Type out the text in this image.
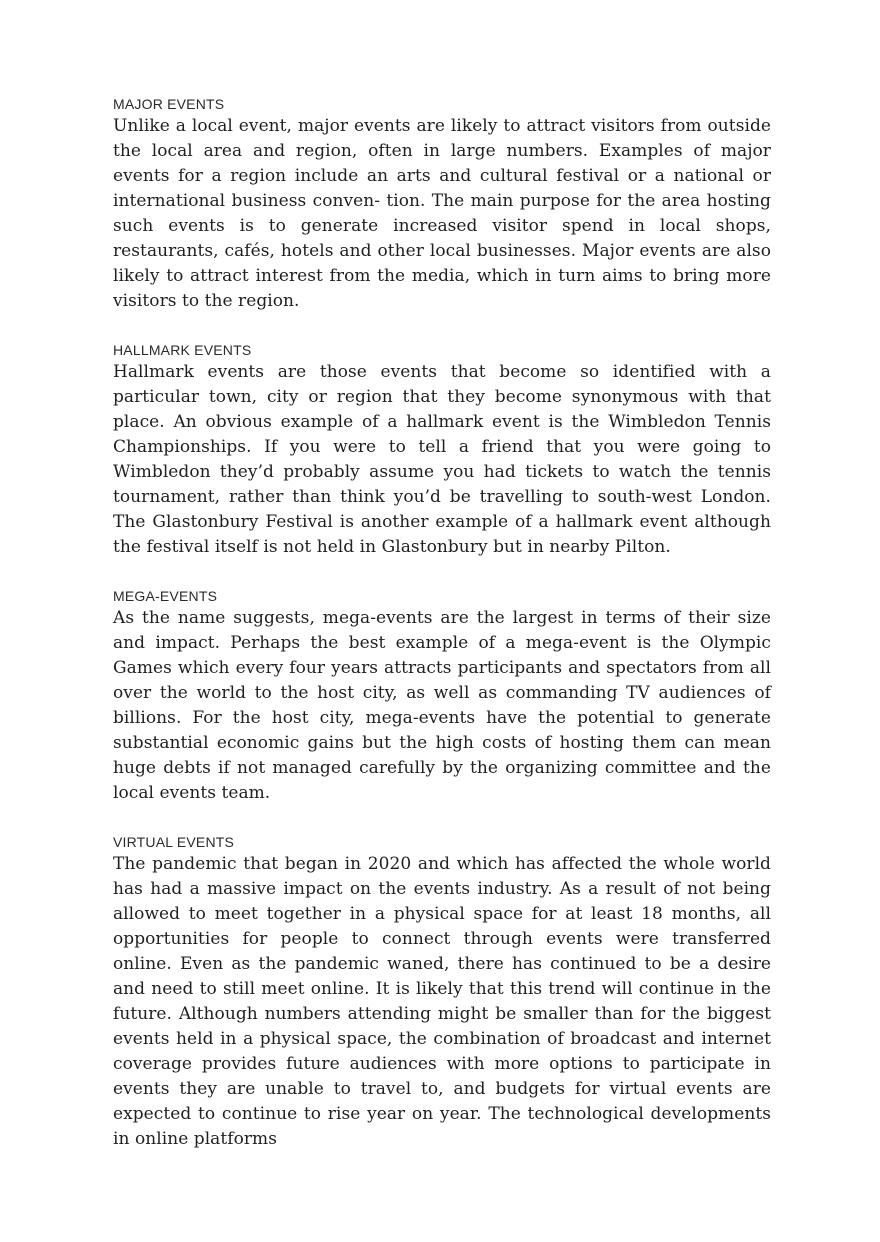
MAJOR EVENTS

Unlike a local event, major events are likely to attract visitors from outside the local area and region, often in large numbers. Examples of major events for a region include an arts and cultural festival or a national or international business conven- tion. The main purpose for the area hosting such events is to generate increased visitor spend in local shops, restaurants, cafés, hotels and other local businesses. Major events are also likely to attract interest from the media, which in turn aims to bring more visitors to the region.

HALLMARK EVENTS

Hallmark events are those events that become so identified with a particular town, city or region that they become synonymous with that place. An obvious example of a hallmark event is the Wimbledon Tennis Championships. If you were to tell a friend that you were going to Wimbledon they’d probably assume you had tickets to watch the tennis tournament, rather than think you’d be travelling to south-west London. The Glastonbury Festival is another example of a hallmark event although the festival itself is not held in Glastonbury but in nearby Pilton.

MEGA-EVENTS

As the name suggests, mega-events are the largest in terms of their size and impact. Perhaps the best example of a mega-event is the Olympic Games which every four years attracts participants and spectators from all over the world to the host city, as well as commanding TV audiences of billions. For the host city, mega-events have the potential to generate substantial economic gains but the high costs of hosting them can mean huge debts if not managed carefully by the organizing committee and the local events team.

VIRTUAL EVENTS

The pandemic that began in 2020 and which has affected the whole world has had a massive impact on the events industry. As a result of not being allowed to meet together in a physical space for at least 18 months, all opportunities for people to connect through events were transferred online. Even as the pandemic waned, there has continued to be a desire and need to still meet online. It is likely that this trend will continue in the future. Although numbers attending might be smaller than for the biggest events held in a physical space, the combination of broadcast and internet coverage provides future audiences with more options to participate in events they are unable to travel to, and budgets for virtual events are expected to continue to rise year on year. The technological developments in online platforms
